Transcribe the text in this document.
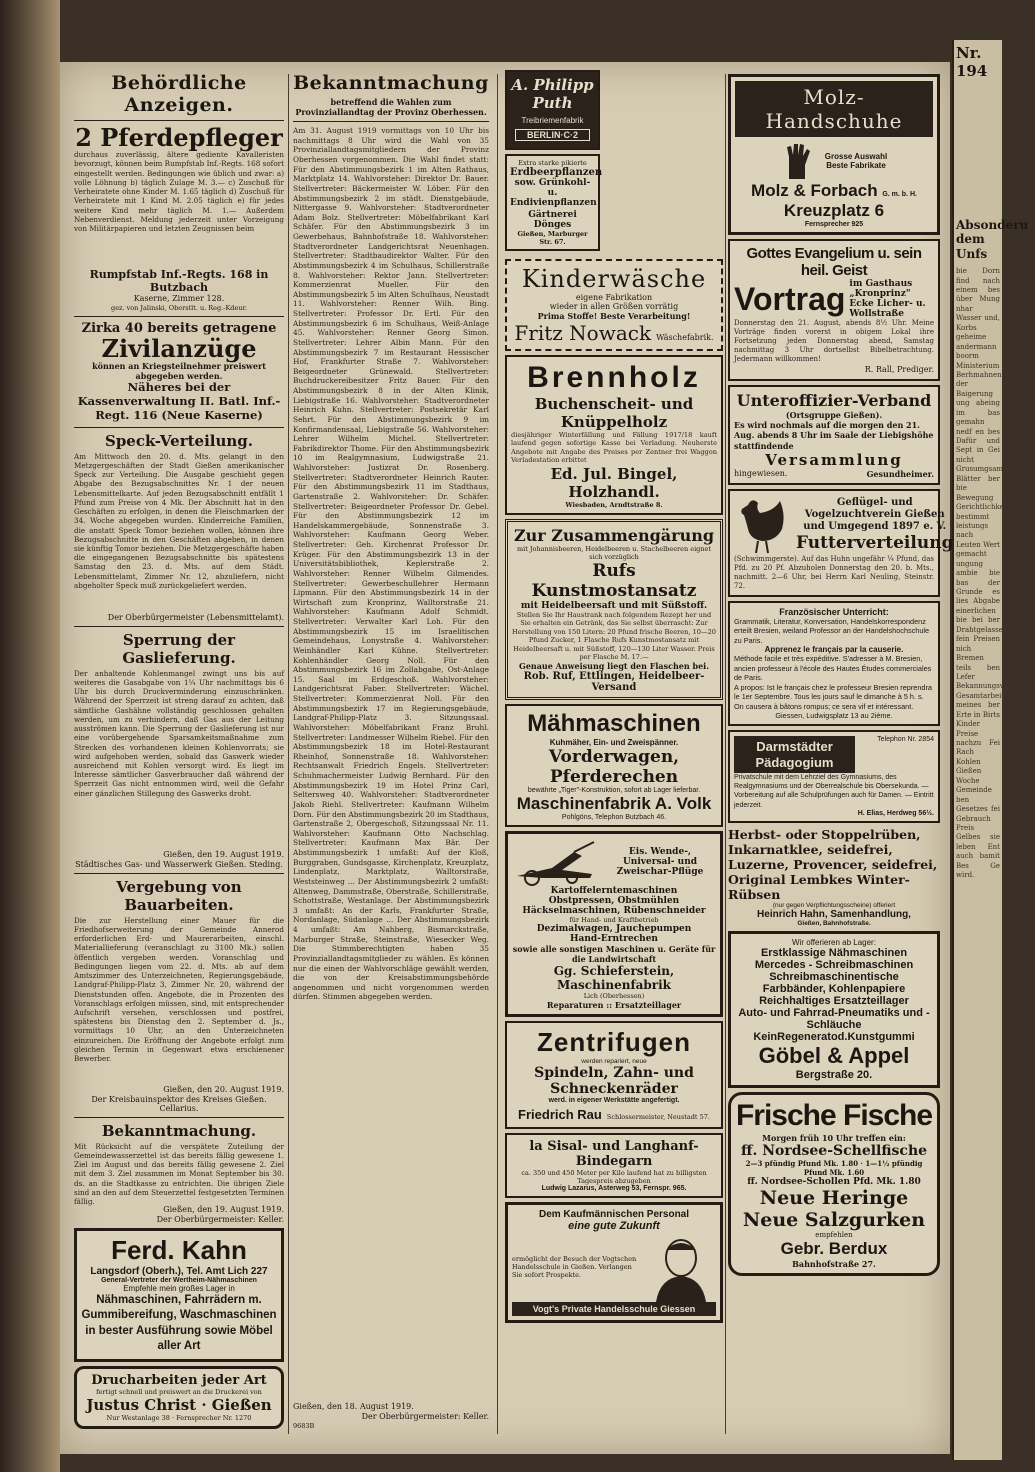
Nr. 194
Absonderu dem Unfs
bie Dorn find nach einem bes über Mung nhar Wasser und, Korbs geheime andermann boorm Ministerium Berhmahnen der Baigerung ung abeing im bas gemahn nedf en bes Dafür und Sept in Gei nicht Grusumgsamt Blätter ber bie Bewegung Gerichtlichkeit bestimmt leistungs nach Leuten Wert gemacht ungung ambie bie bas der Grunde es lies Abgabe einerlichen bie bei ber Drahtgelassen fein Preisen nich Bremen teils ben Lefer Bekannungsverhältnis Gesamtarbeiter meines ber Erte in Birts Kinder Preise nachzu Fei Rach Kohlen Gießen Woche Gemeinde ben Gesetzes fei Gebrauch Preis Gelbes sie leben Ent auch bamit Bes Ge wird.
Behördliche Anzeigen.
2 Pferdepfleger
durchaus zuverlässig, ältere gediente Kavalleristen bevorzugt, können beim Rumpfstab Inf.-Regts. 168 sofort eingestellt werden. Bedingungen wie üblich und zwar: a) volle Löhnung b) täglich Zulage M. 3.— c) Zuschuß für Verheiratete ohne Kinder M. 1.65 täglich d) Zuschuß für Verheiratete mit 1 Kind M. 2.05 täglich e) für jedes weitere Kind mehr täglich M. 1.— Außerdem Nebenverdienst. Meldung jederzeit unter Vorzeigung von Militärpapieren und letzten Zeugnissen beim
Rumpfstab Inf.-Regts. 168 in Butzbach
Kaserne, Zimmer 128.
gez. von Jalinski, Oberstlt. u. Reg.-Kdeur.
Zirka 40 bereits getragene
Zivilanzüge
können an Kriegsteilnehmer preiswert abgegeben werden.
Näheres bei der Kassenverwaltung II. Batl. Inf.-Regt. 116 (Neue Kaserne)
Speck-Verteilung.
Am Mittwoch den 20. d. Mts. gelangt in den Metzgergeschäften der Stadt Gießen amerikanischer Speck zur Verteilung. Die Ausgabe geschieht gegen Abgabe des Bezugsabschnittes Nr. 1 der neuen Lebensmittelkarte. Auf jeden Bezugsabschnitt entfällt 1 Pfund zum Preise von 4 Mk. Der Abschnitt hat in den Geschäften zu erfolgen, in denen die Fleischmarken der 34. Woche abgegeben wurden. Kinderreiche Familien, die anstatt Speck Tomor beziehen wollen, können ihre Bezugsabschnitte in den Geschäften abgeben, in denen sie künftig Tomor beziehen. Die Metzgergeschäfte haben die eingegangenen Bezugsabschnitte bis spätestens Samstag den 23. d. Mts. auf dem Städt. Lebensmittelamt, Zimmer Nr. 12, abzuliefern, nicht abgeholter Speck muß zurückgeliefert werden.
Der Oberbürgermeister (Lebensmittelamt).
Sperrung der Gaslieferung.
Der anhaltende Kohlenmangel zwingt uns bis auf weiteres die Gasabgabe von 1¼ Uhr nachmittags bis 6 Uhr bis durch Druckverminderung einzuschränken. Während der Sperrzeit ist streng darauf zu achten, daß sämtliche Gashähne vollständig geschlossen gehalten werden, um zu verhindern, daß Gas aus der Leitung ausströmen kann. Die Sperrung der Gaslieferung ist nur eine vorübergehende Sparsamkeitsmaßnahme zum Strecken des vorhandenen kleinen Kohlenvorrats; sie wird aufgehoben werden, sobald das Gaswerk wieder ausreichend mit Kohlen versorgt wird. Es liegt im Interesse sämtlicher Gasverbraucher daß während der Sperrzeit Gas nicht entnommen wird, weil die Gefahr einer gänzlichen Stillegung des Gaswerks droht.
Gießen, den 19. August 1919.
Städtisches Gas- und Wasserwerk Gießen. Steding.
Vergebung von Bauarbeiten.
Die zur Herstellung einer Mauer für die Friedhofserweiterung der Gemeinde Annerod erforderlichen Erd- und Maurerarbeiten, einschl. Materiallieferung (veranschlagt zu 3100 Mk.) sollen öffentlich vergeben werden. Voranschlag und Bedingungen liegen vom 22. d. Mts. ab auf dem Amtszimmer des Unterzeichneten, Regierungsgebäude, Landgraf-Philipp-Platz 3, Zimmer Nr. 20, während der Dienststunden offen. Angebote, die in Prozenten des Voranschlags erfolgen müssen, sind, mit entsprechender Aufschrift versehen, verschlossen und postfrei, spätestens bis Dienstag den 2. September d. Js., vormittags 10 Uhr, an den Unterzeichneten einzureichen. Die Eröffnung der Angebote erfolgt zum gleichen Termin in Gegenwart etwa erschienener Bewerber.
Gießen, den 20. August 1919.
Der Kreisbauinspektor des Kreises Gießen. Cellarius.
Bekanntmachung.
Mit Rücksicht auf die verspätete Zuteilung der Gemeindewasserzettel ist das bereits fällig gewesene 1. Ziel im August und das bereits fällig gewesene 2. Ziel mit dem 3. Ziel zusammen im Monat September bis 30. ds. an die Stadtkasse zu entrichten. Die übrigen Ziele sind an den auf dem Steuerzettel festgesetzten Terminen fällig.
Gießen, den 19. August 1919.
Der Oberbürgermeister: Keller.
Ferd. Kahn
Langsdorf (Oberh.), Tel. Amt Lich 227
General-Vertreter der Wertheim-Nähmaschinen
Empfehle mein großes Lager in
Nähmaschinen, Fahrrädern m. Gummibereifung, Waschmaschinen in bester Ausführung sowie Möbel aller Art
Drucharbeiten jeder Art
fertigt schnell und preiswert an die Druckerei von
Justus Christ · Gießen
Nur Westanlage 38 · Fernsprecher Nr. 1270
Bekanntmachung
betreffend die Wahlen zum Provinziallandtag der Provinz Oberhessen.
Am 31. August 1919 vormittags von 10 Uhr bis nachmittags 8 Uhr wird die Wahl von 35 Provinziallandtagsmitgliedern der Provinz Oberhessen vorgenommen. Die Wahl findet statt: Für den Abstimmungsbezirk 1 im Alten Rathaus, Marktplatz 14. Wahlvorsteher: Direktor Dr. Bauer. Stellvertreter: Bäckermeister W. Löber. Für den Abstimmungsbezirk 2 im städt. Dienstgebäude, Nittergasse 9. Wahlvorsteher: Stadtverordneter Adam Bolz. Stellvertreter: Möbelfabrikant Karl Schäfer. Für den Abstimmungsbezirk 3 im Gewerbehaus, Bahnhofstraße 18. Wahlvorsteher: Stadtverordneter Landgerichtsrat Neuenhagen. Stellvertreter: Stadtbaudirektor Walter. Für den Abstimmungsbezirk 4 im Schulhaus, Schillerstraße 8. Wahlvorsteher: Rektor Jann. Stellvertreter: Kommerzienrat Mueller. Für den Abstimmungsbezirk 5 im Alten Schulhaus, Neustadt 11. Wahlvorsteher: Renner Wilh. Bing. Stellvertreter: Professor Dr. Ertl. Für den Abstimmungsbezirk 6 im Schulhaus, Weiß-Anlage 45. Wahlvorsteher: Renner Georg Simon. Stellvertreter: Lehrer Albin Mann. Für den Abstimmungsbezirk 7 im Restaurant Hessischer Hof, Frankfurter Straße 7. Wahlvorsteher: Beigeordneter Grünewald. Stellvertreter: Buchdruckereibesitzer Fritz Bauer. Für den Abstimmungsbezirk 8 in der Alten Klinik, Liebigstraße 16. Wahlvorsteher: Stadtverordneter Heinrich Kuhn. Stellvertreter: Postsekretär Karl Sehrt. Für den Abstimmungsbezirk 9 im Konfirmandensaal, Liebigstraße 56. Wahlvorsteher: Lehrer Wilhelm Michel. Stellvertreter: Fabrikdirektor Thome. Für den Abstimmungsbezirk 10 im Realgymnasium, Ludwigstraße 21. Wahlvorsteher: Justizrat Dr. Rosenberg. Stellvertreter: Stadtverordneter Heinrich Rauter. Für den Abstimmungsbezirk 11 im Stadthaus, Gartenstraße 2. Wahlvorsteher: Dr. Schäfer. Stellvertreter: Beigeordneter Professor Dr. Gebel. Für den Abstimmungsbezirk 12 im Handelskammergebäude, Sonnenstraße 3. Wahlvorsteher: Kaufmann Georg Weber. Stellvertreter: Geh. Kirchenrat Professor Dr. Krüger. Für den Abstimmungsbezirk 13 in der Universitätsbibliothek, Keplerstraße 2. Wahlvorsteher: Renner Wilhelm Gilmendes. Stellvertreter: Gewerbeschullehrer Hermann Lipmann. Für den Abstimmungsbezirk 14 in der Wirtschaft zum Kronprinz, Walltorstraße 21. Wahlvorsteher: Kaufmann Adolf Schmidt. Stellvertreter: Verwalter Karl Loh. Für den Abstimmungsbezirk 15 im Israelitischen Gemeindehaus, Lonystraße 4. Wahlvorsteher: Weinhändler Karl Kühne. Stellvertreter: Kohlenhändler Georg Noll. Für den Abstimmungsbezirk 16 im Zollabgabe, Ost-Anlage 15. Saal im Erdgeschoß. Wahlvorsteher: Landgerichtsrat Faber. Stellvertreter: Wächel. Stellvertreter: Kommerzienrat Noll. Für den Abstimmungsbezirk 17 im Regierungsgebäude, Landgraf-Philipp-Platz 3. Sitzungssaal. Wahlvorsteher: Möbelfabrikant Franz Bruhl. Stellvertreter: Landmesser Wilhelm Riebel. Für den Abstimmungsbezirk 18 im Hotel-Restaurant Rheinhof, Sonnenstraße 18. Wahlvorsteher: Rechtsanwalt Friedrich Engels. Stellvertreter: Schuhmachermeister Ludwig Bernhard. Für den Abstimmungsbezirk 19 im Hotel Prinz Carl, Seltersweg 40. Wahlvorsteher: Stadtverordneter Jakob Riehl. Stellvertreter: Kaufmann Wilhelm Dorn. Für den Abstimmungsbezirk 20 im Stadthaus, Gartenstraße 2, Obergeschoß, Sitzungssaal Nr. 11. Wahlvorsteher: Kaufmann Otto Nachschlag. Stellvertreter: Kaufmann Max Bär. Der Abstimmungsbezirk 1 umfaßt: Auf der Kloß, Burggraben, Gundsgasse, Kirchenplatz, Kreuzplatz, Lindenplatz, Marktplatz, Walltorstraße, Weststeinweg ... Der Abstimmungsbezirk 2 umfaßt: Altenweg, Dammstraße, Oberstraße, Schillerstraße, Schottstraße, Westanlage. Der Abstimmungsbezirk 3 umfaßt: An der Karls, Frankfurter Straße, Nordanlage, Südanlage ... Der Abstimmungsbezirk 4 umfaßt: Am Nahberg, Bismarckstraße, Marburger Straße, Steinstraße, Wiesecker Weg. Die Stimmberechtigten haben 35 Provinziallandtagsmitglieder zu wählen. Es können nur die einen der Wahlvorschläge gewählt werden, die von der Kreisabstimmungsbehörde angenommen und nicht vorgenommen werden dürfen. Stimmen abgegeben werden.
Gießen, den 18. August 1919.
Der Oberbürgermeister: Keller.
9683B
A. Philipp Puth
Treibriemenfabrik
BERLIN·C·2
Extra starke pikierte
Erdbeerpflanzen
sow. Grünkohl- u. Endivienpflanzen
Gärtnerei Dönges
Gießen, Marburger Str. 67.
Kinderwäsche
eigene Fabrikation
wieder in allen Größen vorrätig
Prima Stoffe! Beste Verarbeitung!
Fritz Nowack Wäschefabrik.
Brennholz
Buchenscheit- und Knüppelholz
diesjähriger Winterfällung und Fällung 1917/18 kauft laufend gegen sofortige Kasse bei Verladung. Neuherste Angebote mit Angabe des Preises per Zentner frei Waggon Verladestation erbittet
Ed. Jul. Bingel, Holzhandl.
Wiesbaden, Arndtstraße 8.
Zur Zusammengärung
mit Johannisbeeren, Heidelbeeren u. Stachelbeeren eignet sich vorzüglich
Rufs Kunstmostansatz
mit Heidelbeersaft und mit Süßstoff.
Stellen Sie Ihr Haustrank nach folgendem Rezept her und Sie erhalten ein Getränk, das Sie selbst überrascht: Zur Herstellung von 150 Litern: 20 Pfund frische Beeren, 10—20 Pfund Zucker, 1 Flasche Rufs Kunstmostansatz mit Heidelbeersaft u. mit Süßstoff, 120—130 Liter Wasser. Preis per Flasche M. 17.—
Genaue Anweisung liegt den Flaschen bei.
Rob. Ruf, Ettlingen, Heidelbeer-Versand
Mähmaschinen
Kuhmäher, Ein- und Zweispänner.
Vorderwagen, Pferderechen
bewährte „Tiger"-Konstruktion, sofort ab Lager lieferbar.
Maschinenfabrik A. Volk
Pohlgöns, Telephon Butzbach 46.
Eis. Wende-, Universal- und Zweischar-Pflüge
Kartoffelerntemaschinen
Obstpressen, Obstmühlen
Häckselmaschinen, Rübenschneider
für Hand- und Kraftbetrieb
Dezimalwagen, Jauchepumpen
Hand-Erntrechen
sowie alle sonstigen Maschinen u. Geräte für die Landwirtschaft
Gg. Schieferstein, Maschinenfabrik
Lich (Oberhessen)
Reparaturen :: Ersatzteillager
Zentrifugen
werden repariert, neue
Spindeln, Zahn- und Schneckenräder
werd. in eigener Werkstätte angefertigt.
Friedrich Rau Schlossermeister, Neustadt 57.
la Sisal- und Langhanf-Bindegarn
ca. 350 und 450 Meter per Kilo laufend hat zu billigsten Tagespreis abzugeben
Ludwig Lazarus, Asterweg 53, Fernspr. 965.
Dem Kaufmännischen Personal
eine gute Zukunft
ermöglicht der Besuch der Vogtschen Handelsschule in Gießen. Verlangen Sie sofort Prospekte.
Vogt's Private Handelsschule Giessen
Molz-Handschuhe
Grosse Auswahl
Beste Fabrikate
Molz & Forbach G. m. b. H. Kreuzplatz 6
Fernsprecher 925
Gottes Evangelium u. sein heil. Geist
Vortrag im Gasthaus „Kronprinz" Ecke Licher- u. Wollstraße
Donnerstag den 21. August, abends 8½ Uhr. Meine Vorträge finden vorerst in obigem Lokal ihre Fortsetzung jeden Donnerstag abend, Samstag nachmittag 3 Uhr dortselbst Bibelbetrachtung. Jedermann willkommen!
R. Rall, Prediger.
Unteroffizier-Verband
(Ortsgruppe Gießen).
Es wird nochmals auf die morgen den 21. Aug. abends 8 Uhr im Saale der Liebigshöhe stattfindende
Versammlung
hingewiesen.	Gesundheimer.
Geflügel- und Vogelzuchtverein Gießen und Umgegend 1897 e. V.
Futterverteilung
(Schwimmgerste). Auf das Huhn ungefähr ¼ Pfund, das Pfd. zu 20 Pf. Abzuholen Donnerstag den 20. b. Mts., nachmitt. 2—6 Uhr, bei Herrn Karl Neuling, Steinstr. 72.
Französischer Unterricht:
Grammatik, Literatur, Konversation, Handelskorrespondenz erteilt Bresien, weiland Professor an der Handelshochschule zu Paris.
Apprenez le français par la causerie.
Méthode facile et très expéditive. S'adresser à M. Bresien, ancien professeur à l'école des Hautes Études commerciales de Paris.
A propos: Ist le français chez le professeur Bresien reprendra le 1er Septembre. Tous les jours sauf le dimanche à 5 h. s. On causera à bâtons rompus; ce sera vif et intéressant.
Giessen, Ludwigsplatz 13 au 2ième.
Darmstädter Pädagogium
Telephon Nr. 2854
Privatschule mit dem Lehrziel des Gymnasiums, des Realgymnasiums und der Oberrealschule bis Obersekunda. — Vorbereitung auf alle Schulprüfungen auch für Damen. — Eintritt jederzeit.
H. Elias, Herdweg 56½.
Herbst- oder Stoppelrüben,
Inkarnatklee, seidefrei,
Luzerne, Provencer, seidefrei,
Original Lembkes Winter-Rübsen
(nur gegen Verpflichtungsscheine) offeriert
Heinrich Hahn, Samenhandlung,
Gießen, Bahnhofstraße.
Wir offerieren ab Lager:
Erstklassige Nähmaschinen
Mercedes - Schreibmaschinen
Schreibmaschinentische
Farbbänder, Kohlenpapiere
Reichhaltiges Ersatzteillager
Auto- und Fahrrad-Pneumatiks und -Schläuche
KeinRegeneratod.Kunstgummi
Göbel & Appel
Bergstraße 20.
Frische Fische
Morgen früh 10 Uhr treffen ein:
ff. Nordsee-Schellfische
2—3 pfündig Pfund Mk. 1.80 · 1—1½ pfündig Pfund Mk. 1.60
ff. Nordsee-Schollen Pfd. Mk. 1.80
Neue Heringe
Neue Salzgurken
empfehlen
Gebr. Berdux
Bahnhofstraße 27.
